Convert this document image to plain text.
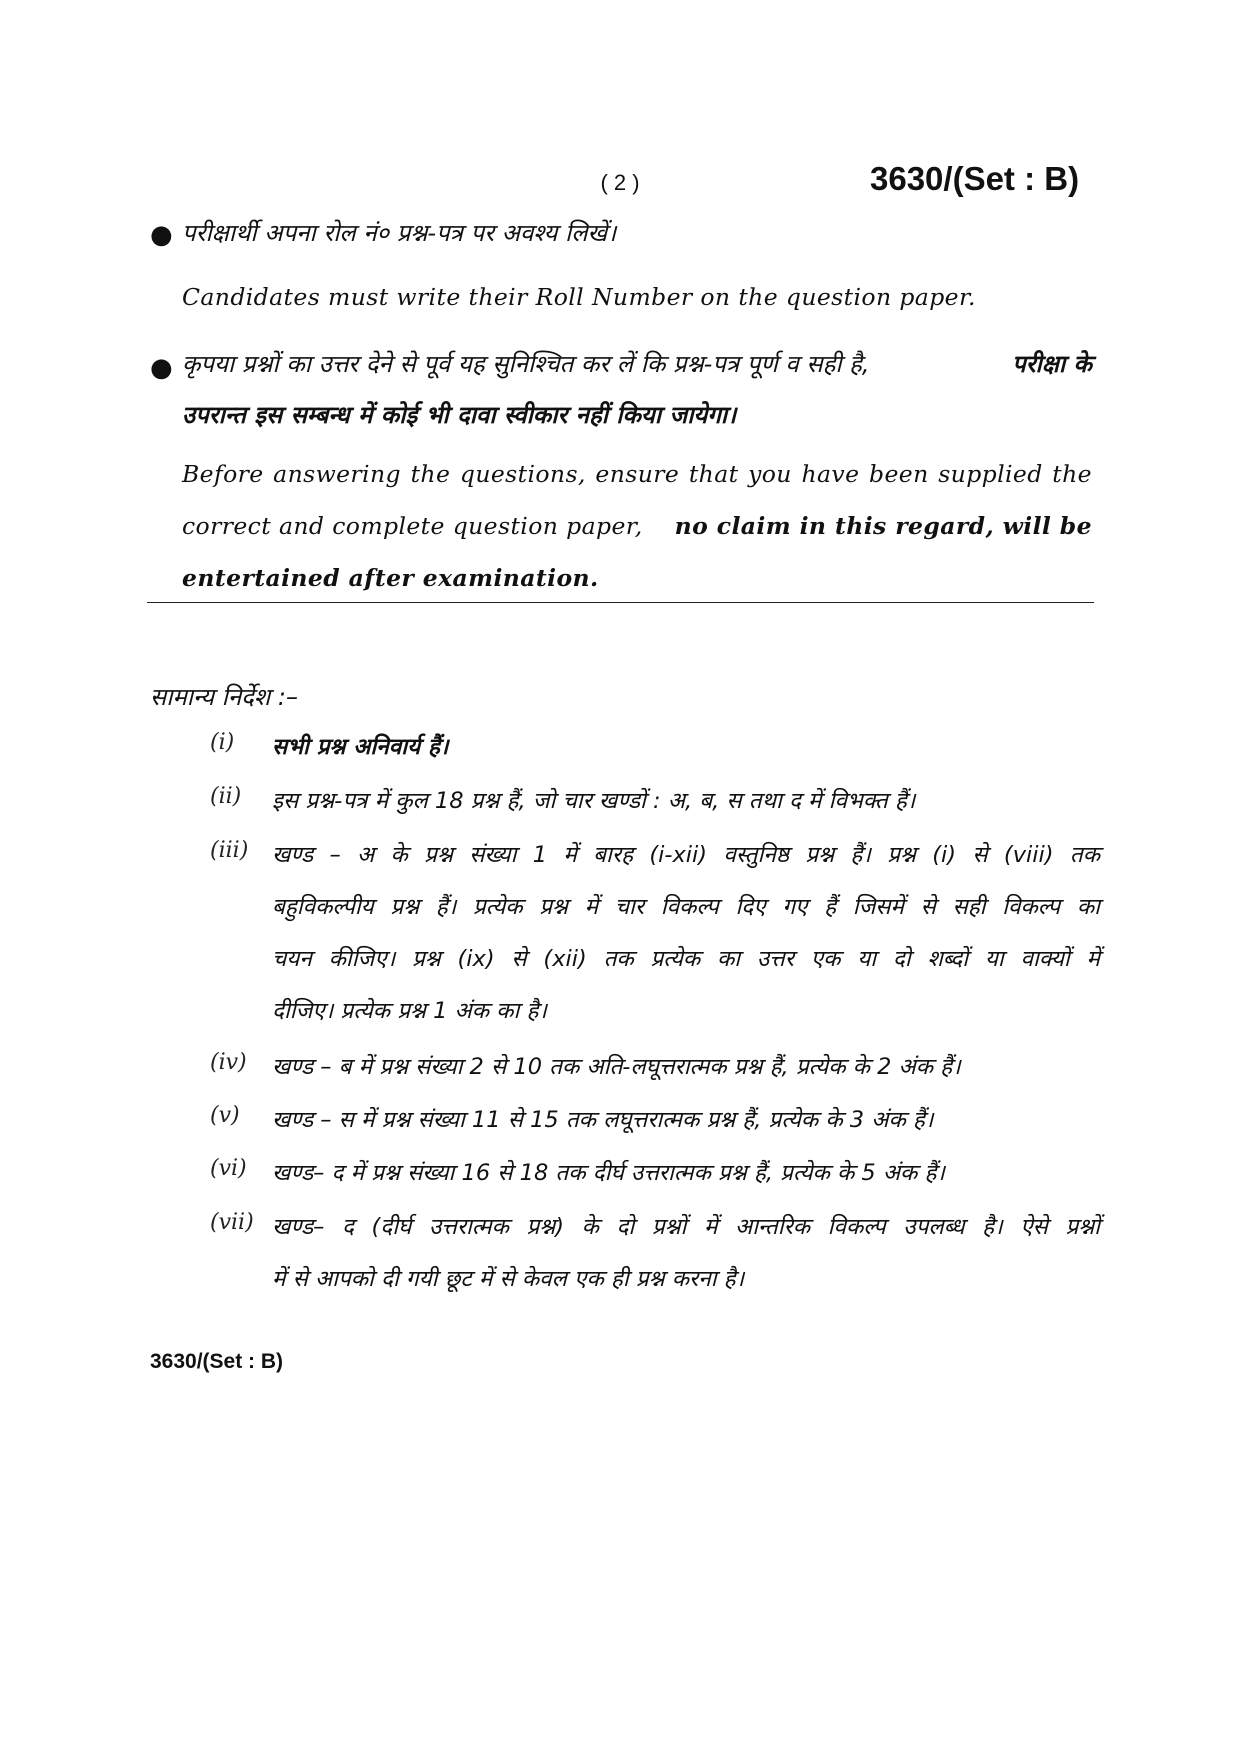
( 2 )	3630/(Set : B)
● परीक्षार्थी अपना रोल नं० प्रश्न-पत्र पर अवश्य लिखें।
Candidates must write their Roll Number on the question paper.
● कृपया प्रश्नों का उत्तर देने से पूर्व यह सुनिश्चित कर लें कि प्रश्न-पत्र पूर्ण व सही है,	परीक्षा के
उपरान्त इस सम्बन्ध में कोई भी दावा स्वीकार नहीं किया जायेगा।
Before answering the questions, ensure that you have been supplied the
correct and complete question paper, no claim in this regard, will be
entertained after examination.
सामान्य निर्देश :–
(i) सभी प्रश्न अनिवार्य हैं।
(ii) इस प्रश्न-पत्र में कुल 18 प्रश्न हैं, जो चार खण्डों : अ, ब, स तथा द में विभक्त हैं।
(iii) खण्ड – अ के प्रश्न संख्या 1 में बारह (i-xii) वस्तुनिष्ठ प्रश्न हैं। प्रश्न (i) से (viii) तक
बहुविकल्पीय प्रश्न हैं। प्रत्येक प्रश्न में चार विकल्प दिए गए हैं जिसमें से सही विकल्प का
चयन कीजिए। प्रश्न (ix) से (xii) तक प्रत्येक का उत्तर एक या दो शब्दों या वाक्यों में
दीजिए। प्रत्येक प्रश्न 1 अंक का है।
(iv) खण्ड – ब में प्रश्न संख्या 2 से 10 तक अति-लघूत्तरात्मक प्रश्न हैं, प्रत्येक के 2 अंक हैं।
(v) खण्ड – स में प्रश्न संख्या 11 से 15 तक लघूत्तरात्मक प्रश्न हैं, प्रत्येक के 3 अंक हैं।
(vi) खण्ड– द में प्रश्न संख्या 16 से 18 तक दीर्घ उत्तरात्मक प्रश्न हैं, प्रत्येक के 5 अंक हैं।
(vii) खण्ड– द (दीर्घ उत्तरात्मक प्रश्न) के दो प्रश्नों में आन्तरिक विकल्प उपलब्ध है। ऐसे प्रश्नों
में से आपको दी गयी छूट में से केवल एक ही प्रश्न करना है।
3630/(Set : B)
